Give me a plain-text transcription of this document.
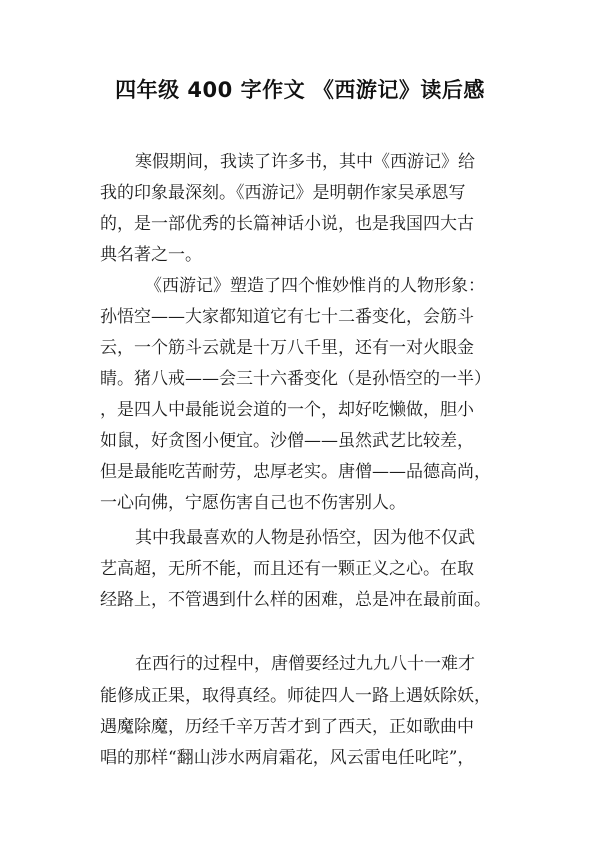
四年级 400 字作文 《西游记》读后感
寒假期间，我读了许多书，其中《西游记》给
我的印象最深刻。《西游记》是明朝作家吴承恩写
的，是一部优秀的长篇神话小说，也是我国四大古
典名著之一。
《西游记》塑造了四个惟妙惟肖的人物形象：
孙悟空——大家都知道它有七十二番变化，会筋斗
云，一个筋斗云就是十万八千里，还有一对火眼金
睛。猪八戒——会三十六番变化（是孙悟空的一半）
，是四人中最能说会道的一个，却好吃懒做，胆小
如鼠，好贪图小便宜。沙僧——虽然武艺比较差，
但是最能吃苦耐劳，忠厚老实。唐僧——品德高尚，
一心向佛，宁愿伤害自己也不伤害别人。
其中我最喜欢的人物是孙悟空，因为他不仅武
艺高超，无所不能，而且还有一颗正义之心。在取
经路上，不管遇到什么样的困难，总是冲在最前面。
在西行的过程中，唐僧要经过九九八十一难才
能修成正果，取得真经。师徒四人一路上遇妖除妖，
遇魔除魔，历经千辛万苦才到了西天，正如歌曲中
唱的那样“翻山涉水两肩霜花，风云雷电任叱咤”，
